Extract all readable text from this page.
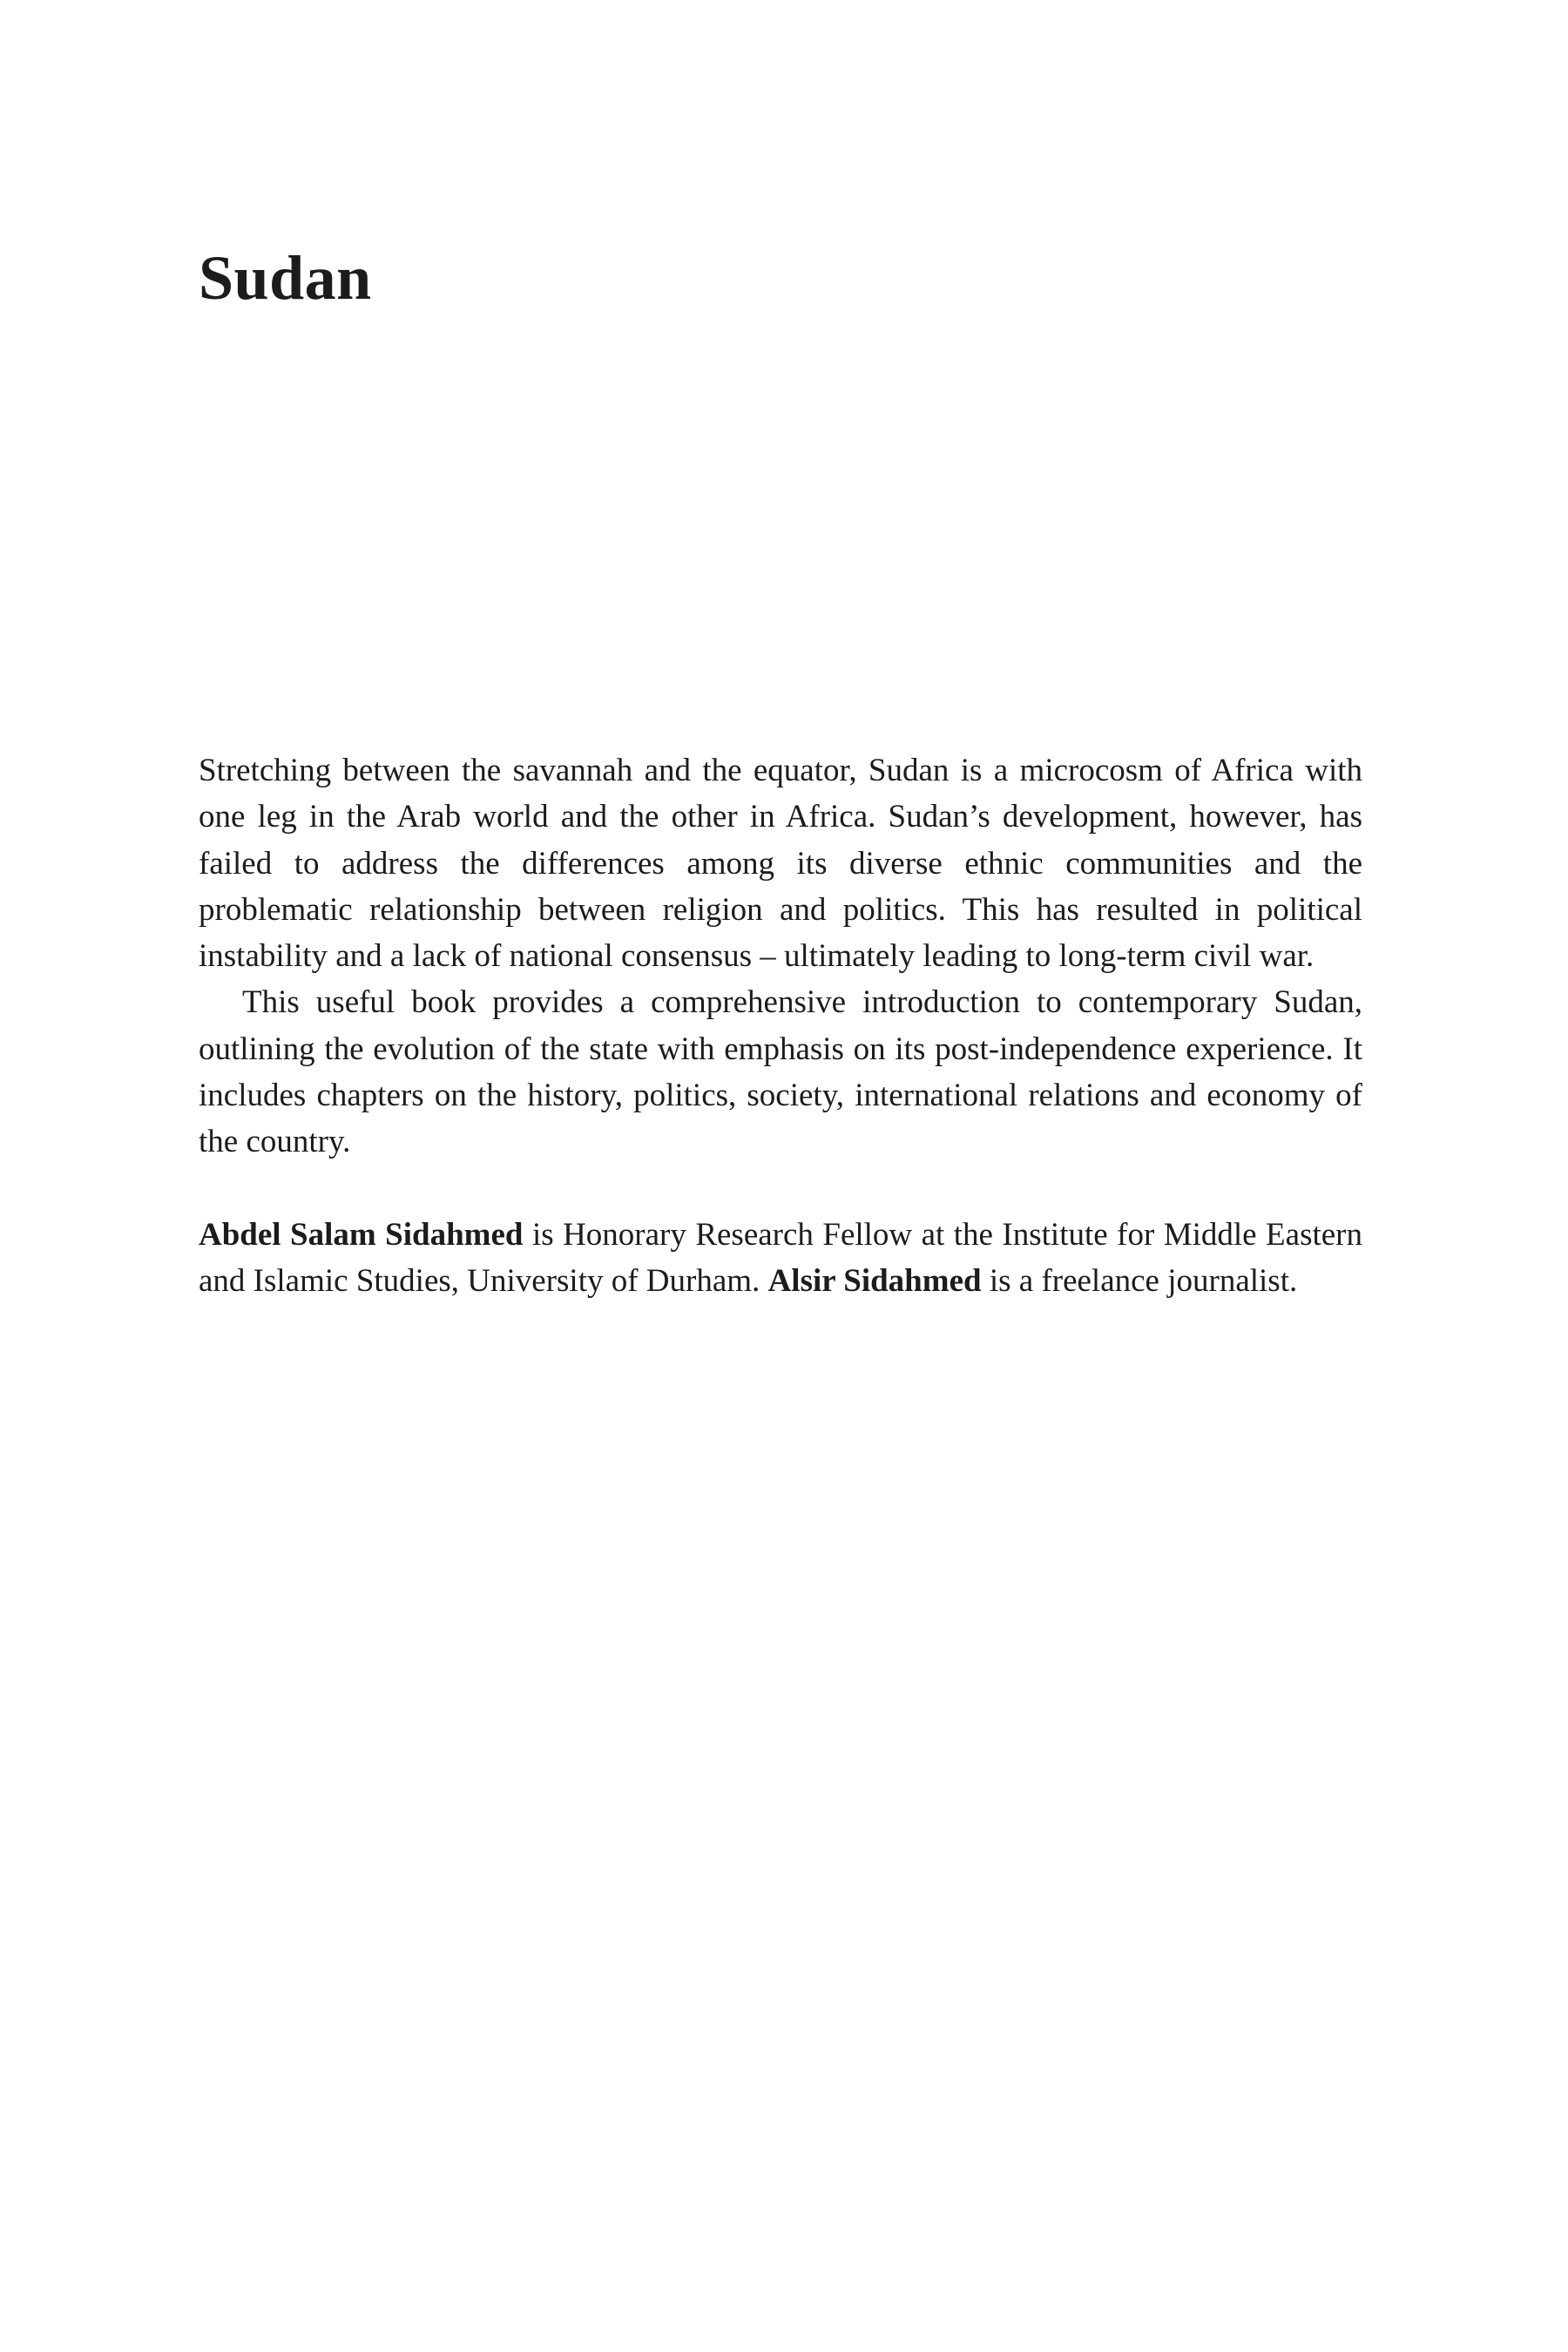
Sudan

Stretching between the savannah and the equator, Sudan is a microcosm of Africa with one leg in the Arab world and the other in Africa. Sudan’s development, however, has failed to address the differences among its diverse ethnic communities and the problematic relationship between religion and politics. This has resulted in political instability and a lack of national consensus – ultimately leading to long-term civil war.

This useful book provides a comprehensive introduction to contemporary Sudan, outlining the evolution of the state with emphasis on its post-independence experience. It includes chapters on the history, politics, society, international relations and economy of the country.

Abdel Salam Sidahmed is Honorary Research Fellow at the Institute for Middle Eastern and Islamic Studies, University of Durham. Alsir Sidahmed is a freelance journalist.
